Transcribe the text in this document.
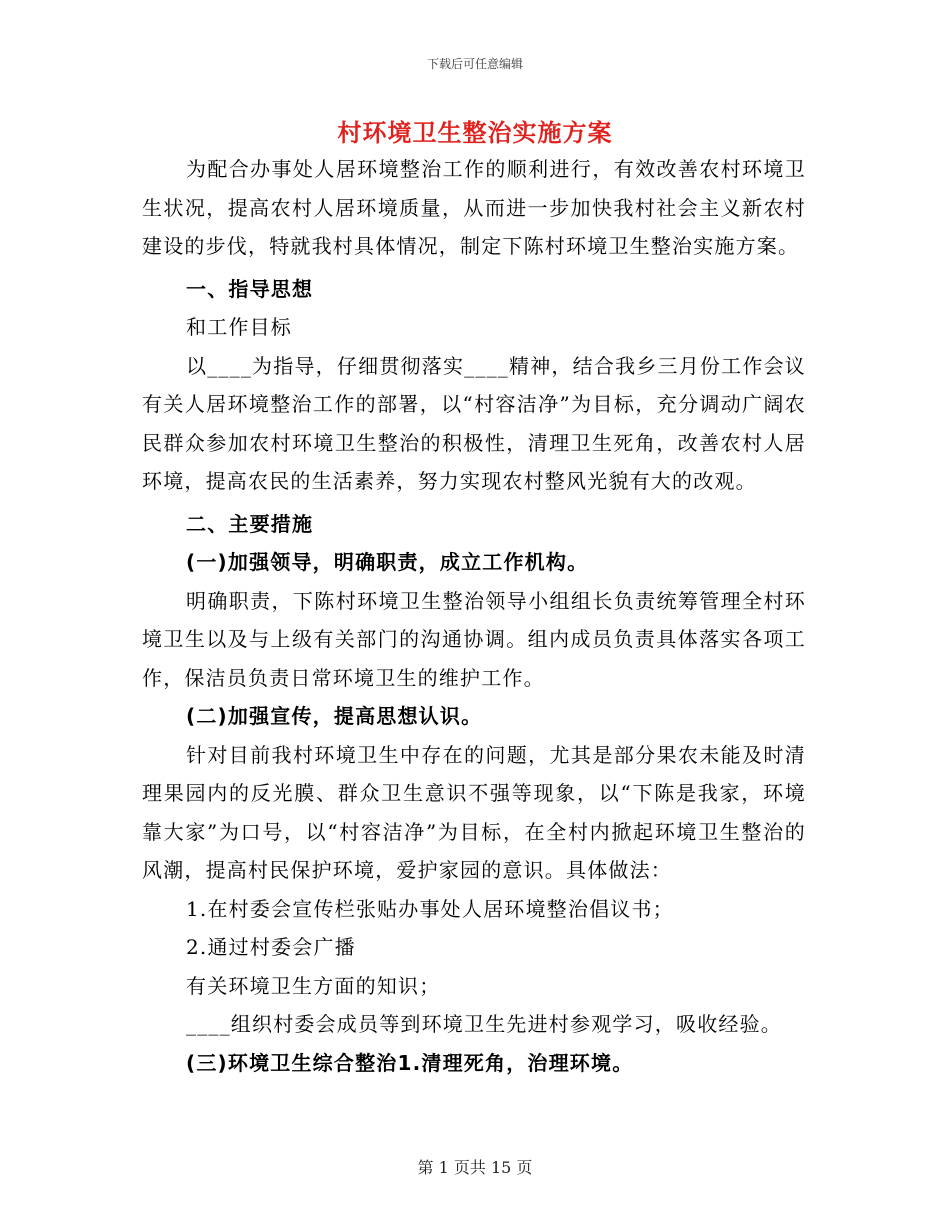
下载后可任意编辑
村环境卫生整治实施方案

为配合办事处人居环境整治工作的顺利进行，有效改善农村环境卫生状况，提高农村人居环境质量，从而进一步加快我村社会主义新农村建设的步伐，特就我村具体情况，制定下陈村环境卫生整治实施方案。

一、指导思想

和工作目标

以____为指导，仔细贯彻落实____精神，结合我乡三月份工作会议有关人居环境整治工作的部署，以“村容洁净”为目标，充分调动广阔农民群众参加农村环境卫生整治的积极性，清理卫生死角，改善农村人居环境，提高农民的生活素养，努力实现农村整风光貌有大的改观。

二、主要措施

(一)加强领导，明确职责，成立工作机构。

明确职责，下陈村环境卫生整治领导小组组长负责统筹管理全村环境卫生以及与上级有关部门的沟通协调。组内成员负责具体落实各项工作，保洁员负责日常环境卫生的维护工作。

(二)加强宣传，提高思想认识。

针对目前我村环境卫生中存在的问题，尤其是部分果农未能及时清理果园内的反光膜、群众卫生意识不强等现象，以“下陈是我家，环境靠大家”为口号，以“村容洁净”为目标，在全村内掀起环境卫生整治的风潮，提高村民保护环境，爱护家园的意识。具体做法：

1.在村委会宣传栏张贴办事处人居环境整治倡议书；

2.通过村委会广播

有关环境卫生方面的知识；

____组织村委会成员等到环境卫生先进村参观学习，吸收经验。

(三)环境卫生综合整治1.清理死角，治理环境。

第 1 页共 15 页
